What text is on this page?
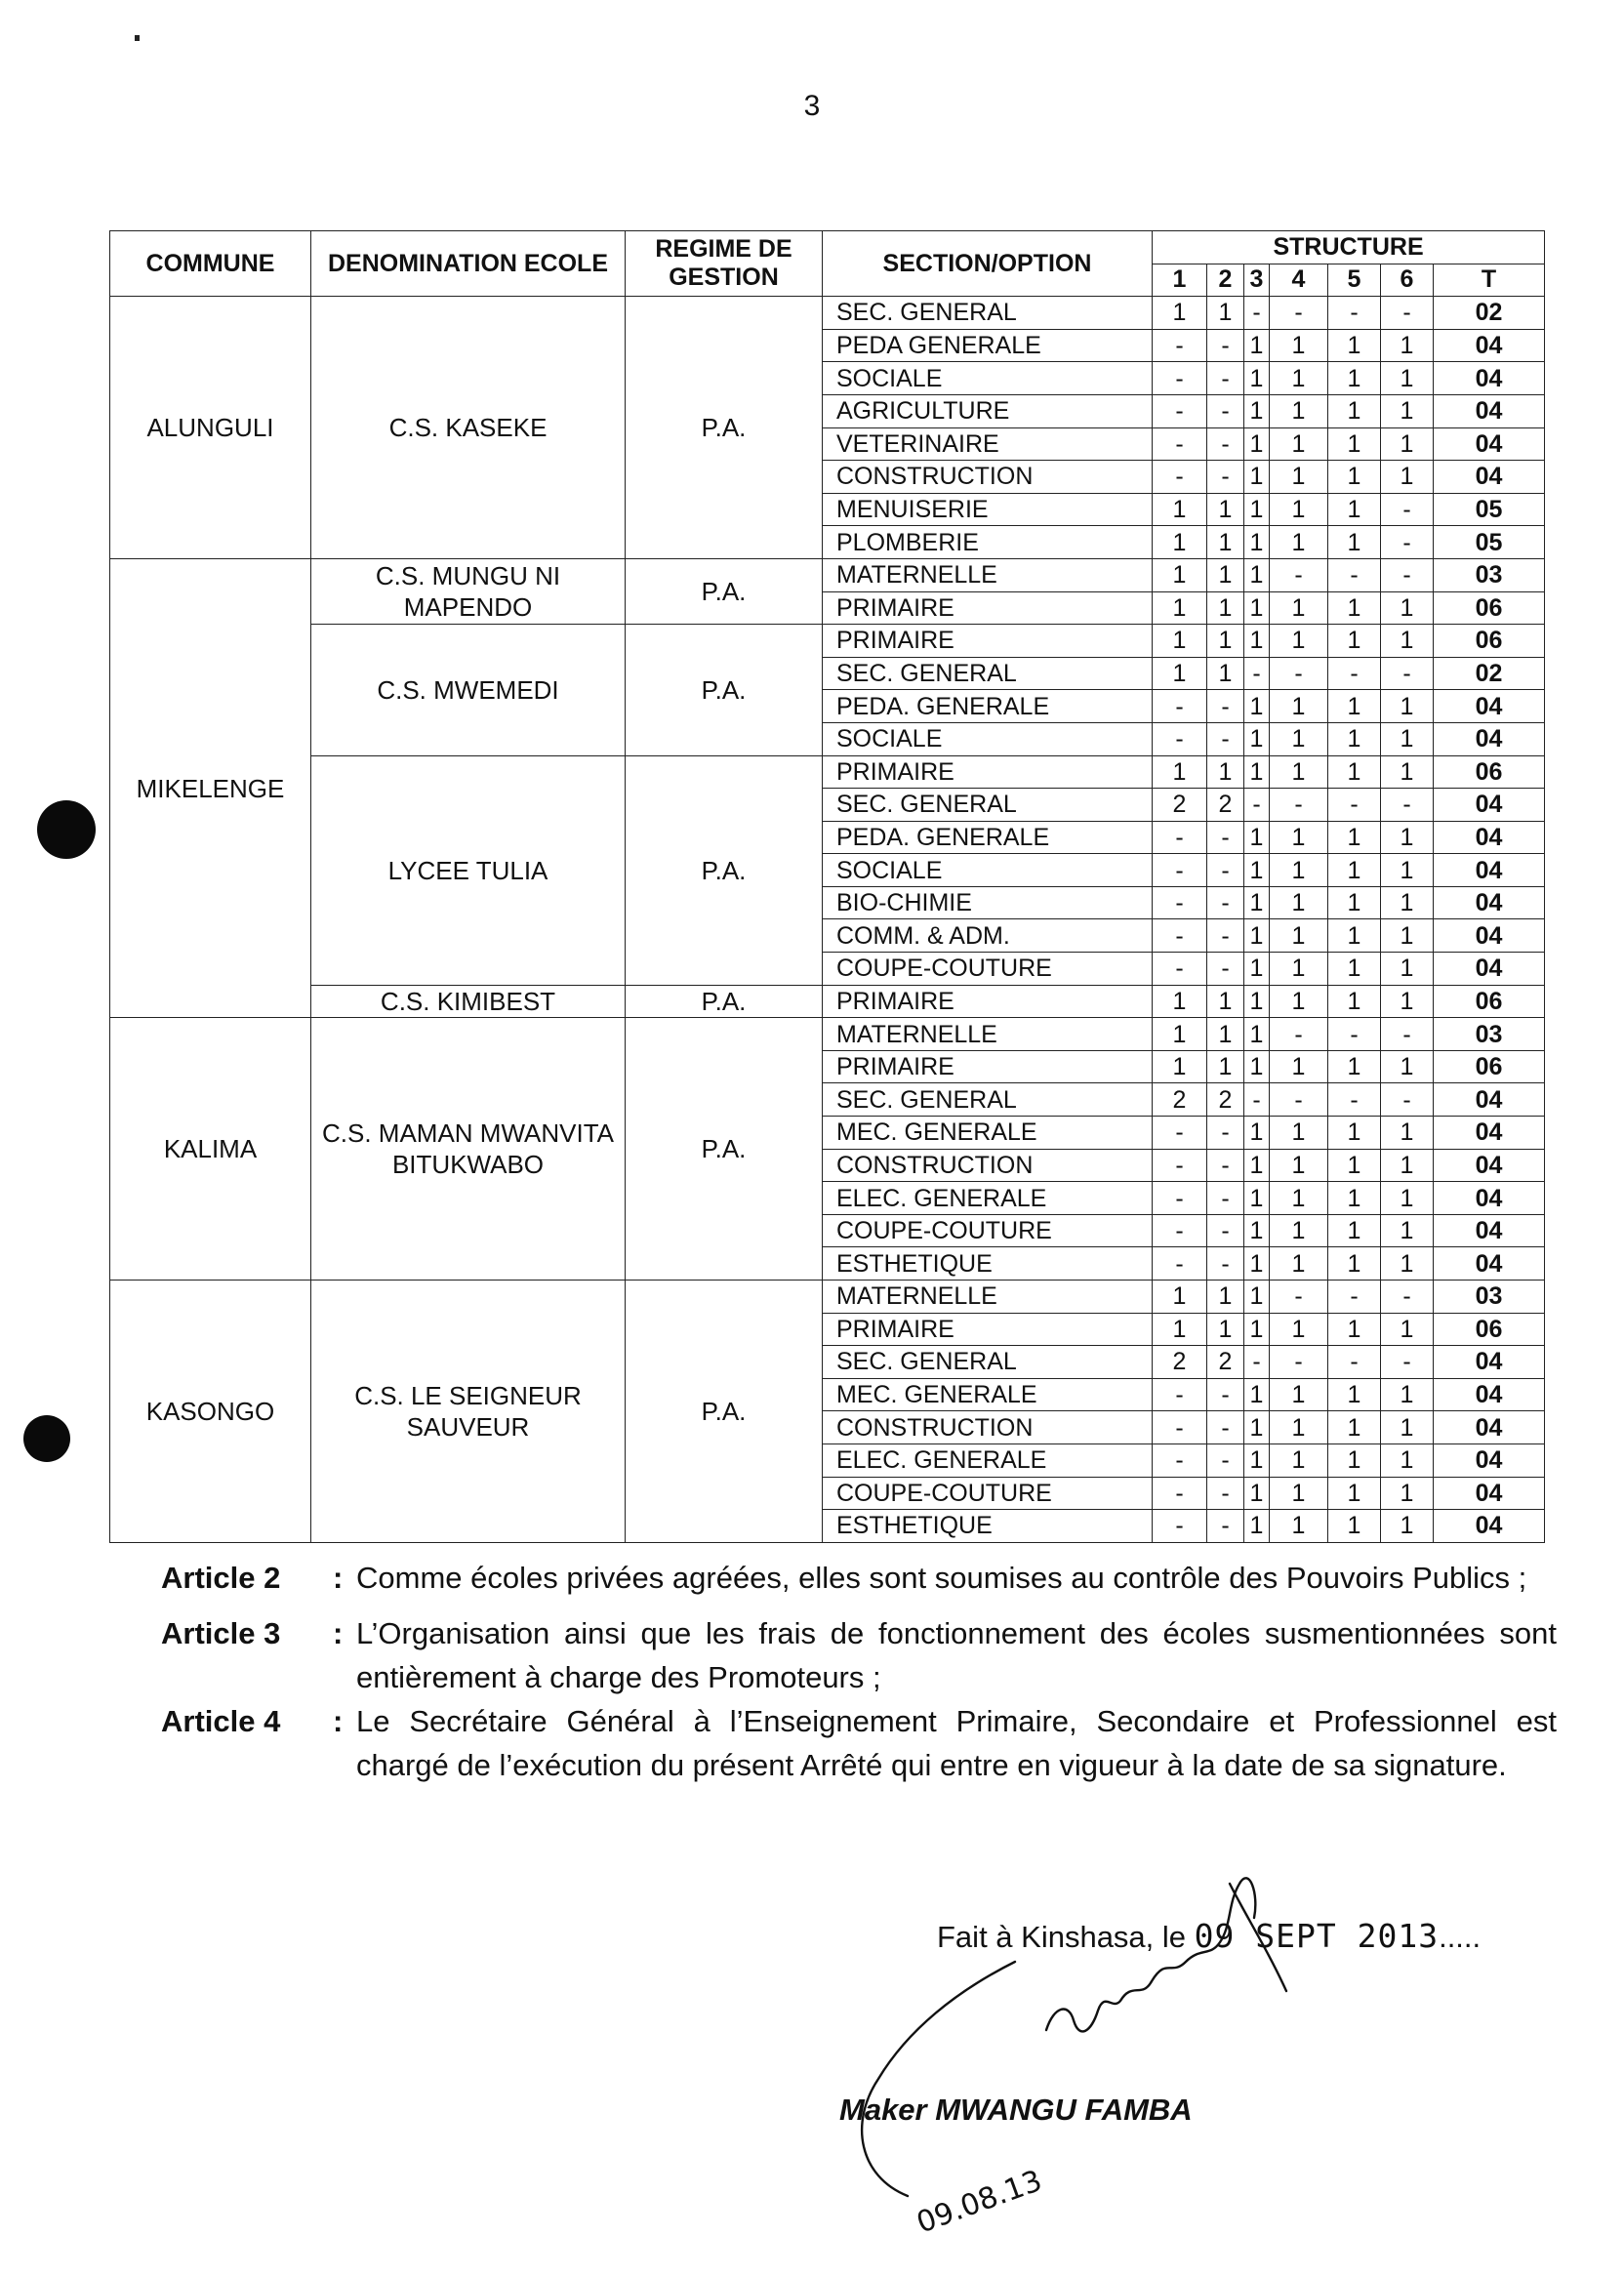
3
COMMUNE	DENOMINATION ECOLE	REGIME DE GESTION	SECTION/OPTION	STRUCTURE						
				1	2	3	4	5	6	T
ALUNGULI	C.S. KASEKE	P.A.	SEC. GENERAL	1	1	-	-	-	-	02
			PEDA GENERALE	-	-	1	1	1	1	04
			SOCIALE	-	-	1	1	1	1	04
			AGRICULTURE	-	-	1	1	1	1	04
			VETERINAIRE	-	-	1	1	1	1	04
			CONSTRUCTION	-	-	1	1	1	1	04
			MENUISERIE	1	1	1	1	1	-	05
			PLOMBERIE	1	1	1	1	1	-	05
MIKELENGE	C.S. MUNGU NI MAPENDO	P.A.	MATERNELLE	1	1	1	-	-	-	03
			PRIMAIRE	1	1	1	1	1	1	06
	C.S. MWEMEDI	P.A.	PRIMAIRE	1	1	1	1	1	1	06
			SEC. GENERAL	1	1	-	-	-	-	02
			PEDA. GENERALE	-	-	1	1	1	1	04
			SOCIALE	-	-	1	1	1	1	04
	LYCEE TULIA	P.A.	PRIMAIRE	1	1	1	1	1	1	06
			SEC. GENERAL	2	2	-	-	-	-	04
			PEDA. GENERALE	-	-	1	1	1	1	04
			SOCIALE	-	-	1	1	1	1	04
			BIO-CHIMIE	-	-	1	1	1	1	04
			COMM. & ADM.	-	-	1	1	1	1	04
			COUPE-COUTURE	-	-	1	1	1	1	04
	C.S. KIMIBEST	P.A.	PRIMAIRE	1	1	1	1	1	1	06
KALIMA	C.S. MAMAN MWANVITA BITUKWABO	P.A.	MATERNELLE	1	1	1	-	-	-	03
			PRIMAIRE	1	1	1	1	1	1	06
			SEC. GENERAL	2	2	-	-	-	-	04
			MEC. GENERALE	-	-	1	1	1	1	04
			CONSTRUCTION	-	-	1	1	1	1	04
			ELEC. GENERALE	-	-	1	1	1	1	04
			COUPE-COUTURE	-	-	1	1	1	1	04
			ESTHETIQUE	-	-	1	1	1	1	04
KASONGO	C.S. LE SEIGNEUR SAUVEUR	P.A.	MATERNELLE	1	1	1	-	-	-	03
			PRIMAIRE	1	1	1	1	1	1	06
			SEC. GENERAL	2	2	-	-	-	-	04
			MEC. GENERALE	-	-	1	1	1	1	04
			CONSTRUCTION	-	-	1	1	1	1	04
			ELEC. GENERALE	-	-	1	1	1	1	04
			COUPE-COUTURE	-	-	1	1	1	1	04
			ESTHETIQUE	-	-	1	1	1	1	04
Article 2	: Comme écoles privées agréées, elles sont soumises au contrôle des Pouvoirs Publics ;
Article 3	: L’Organisation ainsi que les frais de fonctionnement des écoles susmentionnées sont entièrement à charge des Promoteurs ;
Article 4	: Le Secrétaire Général à l’Enseignement Primaire, Secondaire et Professionnel est chargé de l’exécution du présent Arrêté qui entre en vigueur à la date de sa signature.
Fait à Kinshasa, le 09 SEPT 2013.....
Maker MWANGU FAMBA
09.08.13
